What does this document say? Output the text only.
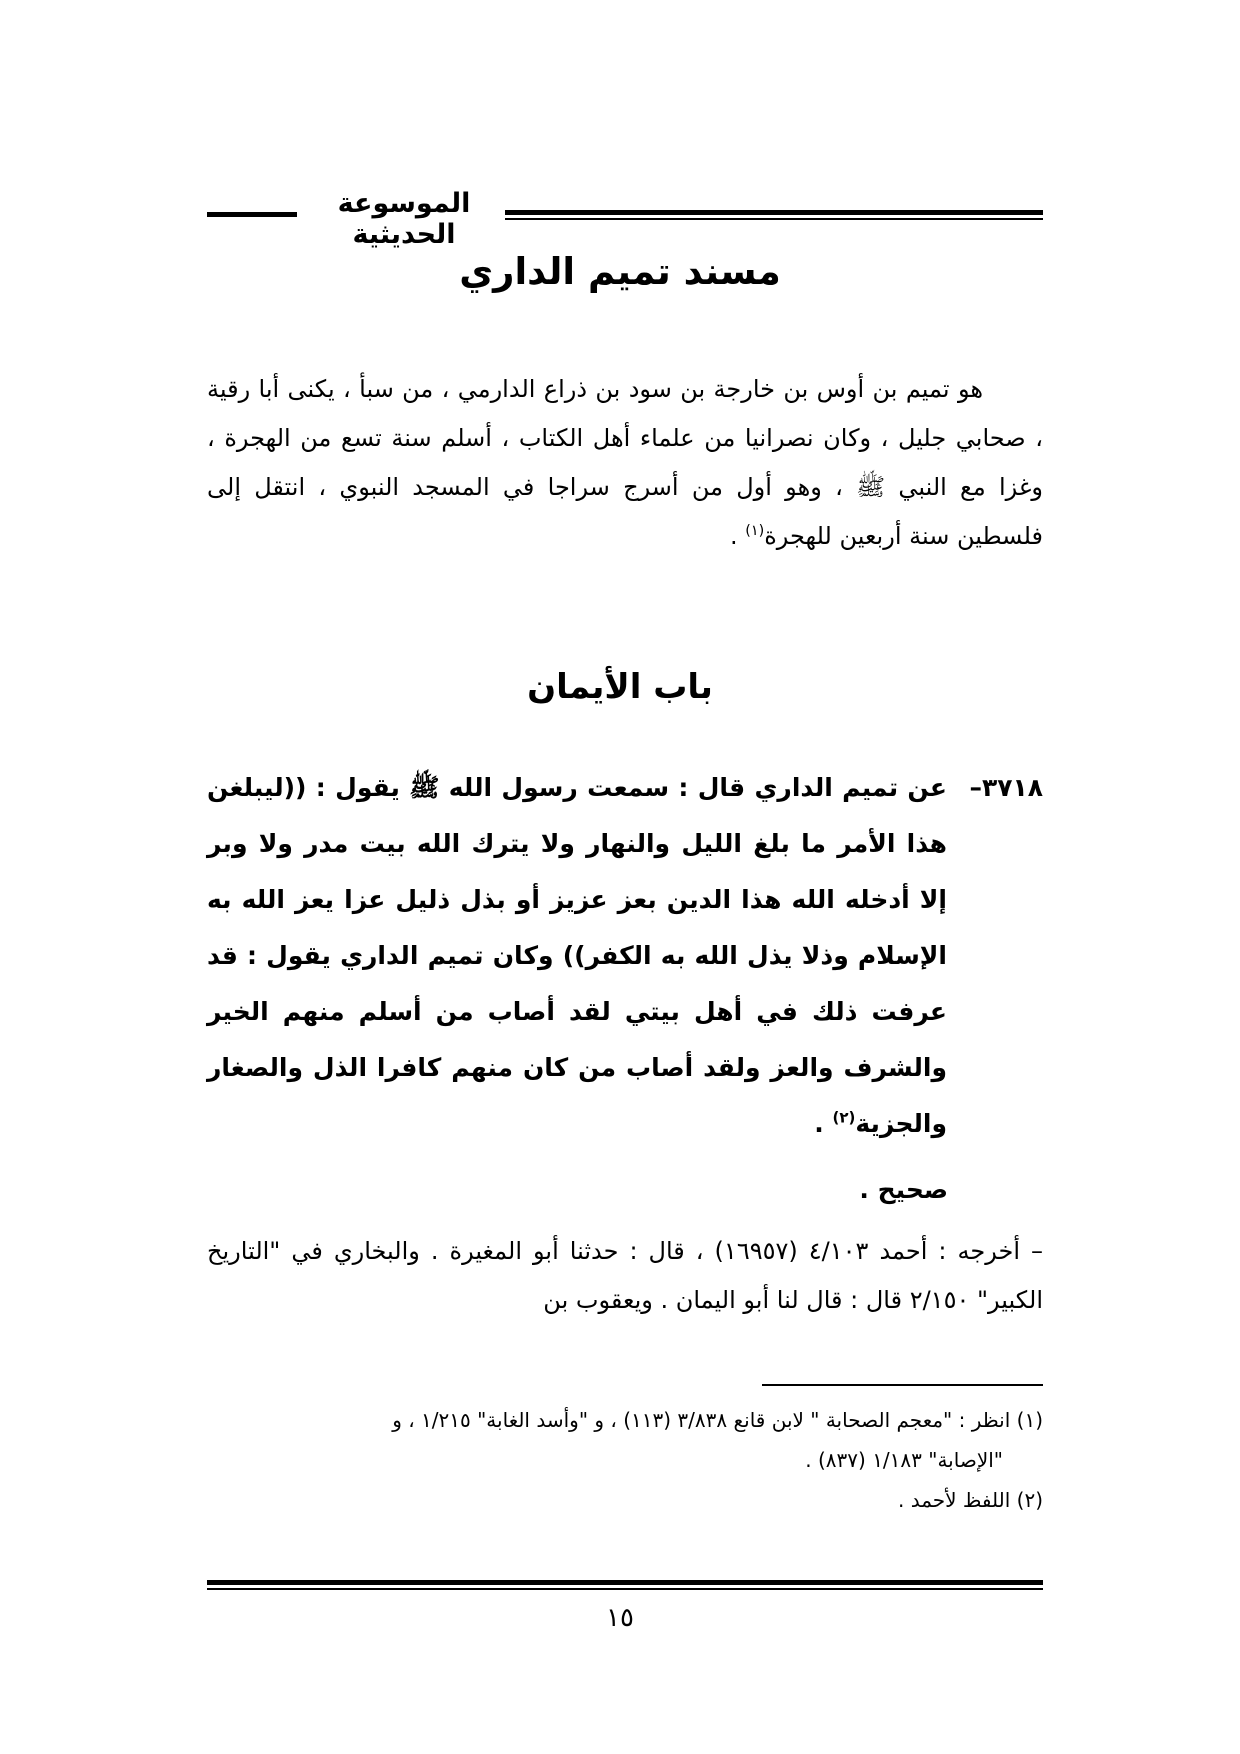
الموسوعة الحديثية
مسند تميم الداري
هو تميم بن أوس بن خارجة بن سود بن ذراع الدارمي ، من سبأ ، يكنى أبا رقية ، صحابي جليل ، وكان نصرانيا من علماء أهل الكتاب ، أسلم سنة تسع من الهجرة ، وغزا مع النبي ﷺ ، وهو أول من أسرج سراجا في المسجد النبوي ، انتقل إلى فلسطين سنة أربعين للهجرة$^{(١)}$ .
باب الأيمان
٣٧١٨–
عن تميم الداري قال : سمعت رسول الله ﷺ يقول : ((ليبلغن هذا الأمر ما بلغ الليل والنهار ولا يترك الله بيت مدر ولا وبر إلا أدخله الله هذا الدين بعز عزيز أو بذل ذليل عزا يعز الله به الإسلام وذلا يذل الله به الكفر)) وكان تميم الداري يقول : قد عرفت ذلك في أهل بيتي لقد أصاب من أسلم منهم الخير والشرف والعز ولقد أصاب من كان منهم كافرا الذل والصغار والجزية$^{(٢)}$ .
صحيح .
– أخرجه : أحمد ٤/١٠٣ (١٦٩٥٧) ، قال : حدثنا أبو المغيرة . والبخاري في "التاريخ الكبير" ٢/١٥٠ قال : قال لنا أبو اليمان . ويعقوب بن
(١) انظر : "معجم الصحابة " لابن قانع ٣/٨٣٨ (١١٣) ، و "وأسد الغابة" ١/٢١٥ ، و
"الإصابة" ١/١٨٣ (٨٣٧) .
(٢) اللفظ لأحمد .
١٥
